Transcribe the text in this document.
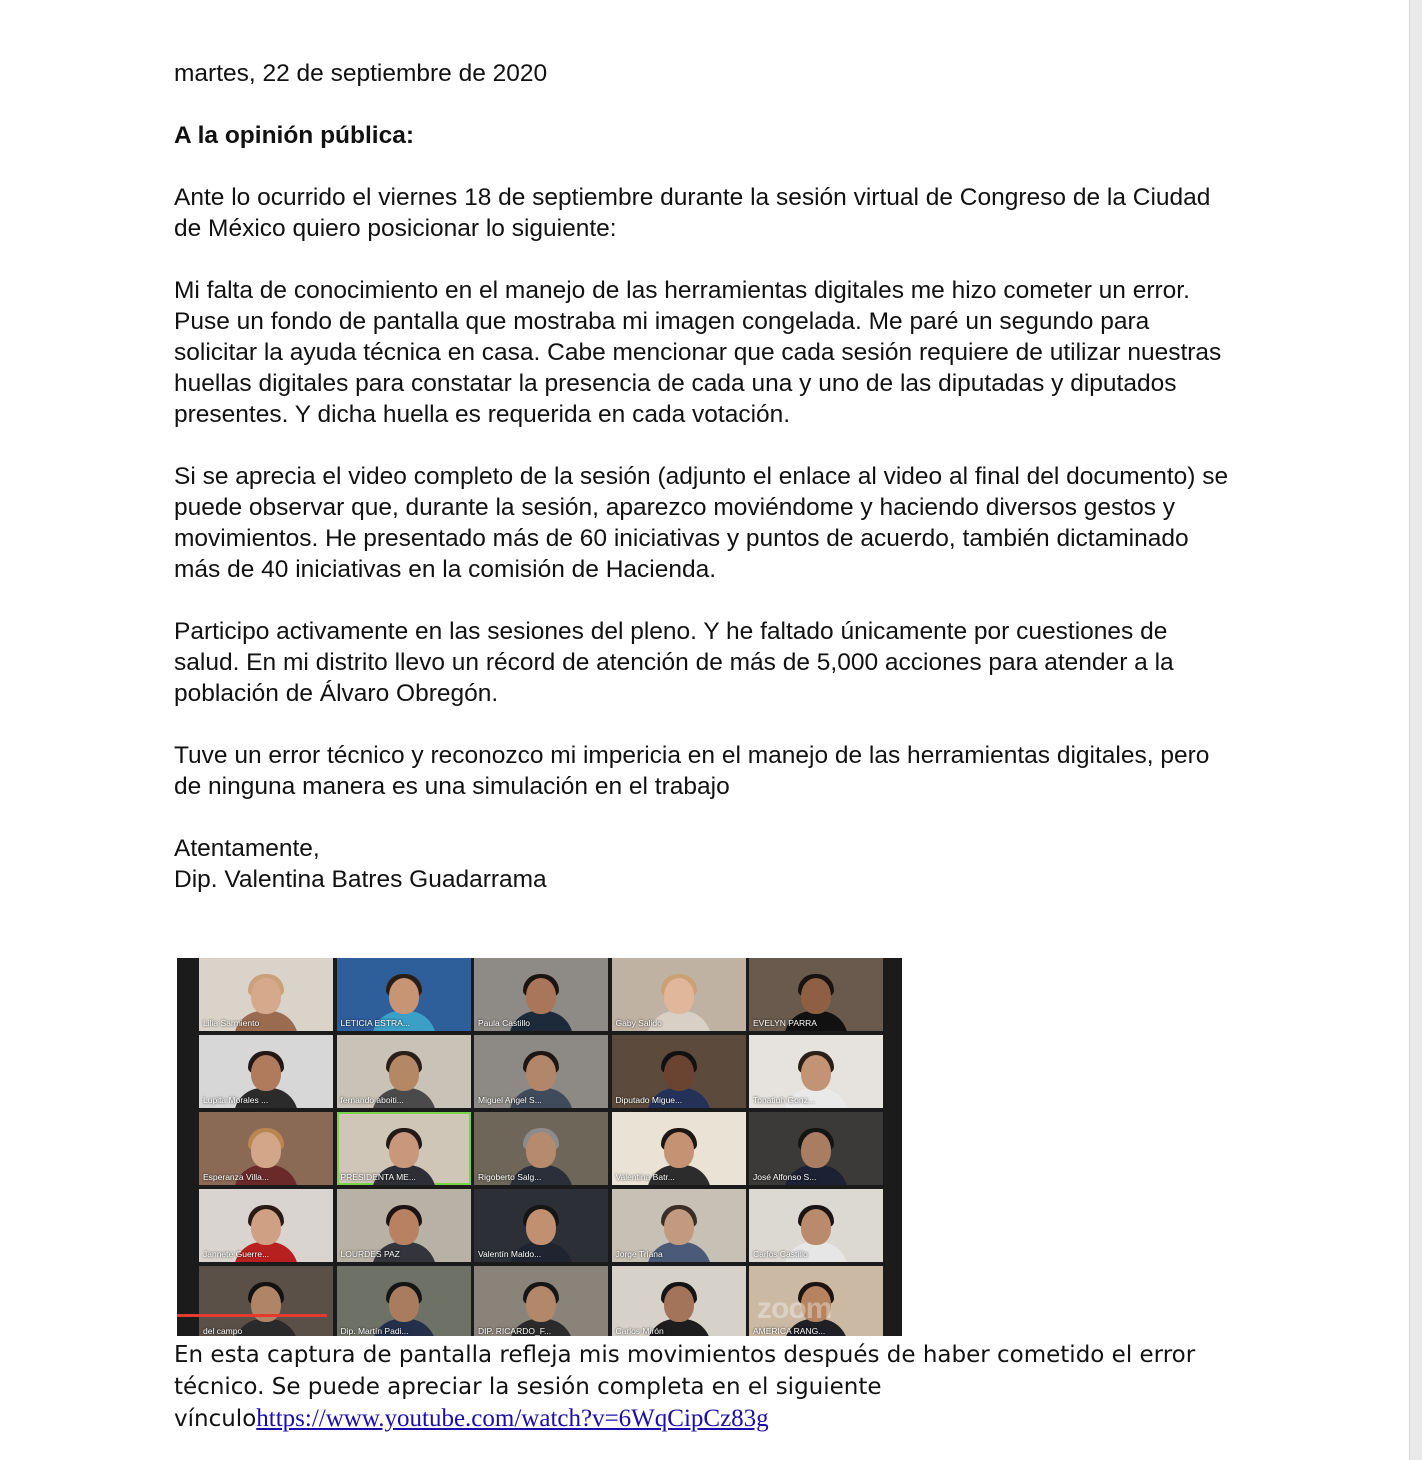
martes, 22 de septiembre de 2020

A la opinión pública:

Ante lo ocurrido el viernes 18 de septiembre durante la sesión virtual de Congreso de la Ciudad de México quiero posicionar lo siguiente:

Mi falta de conocimiento en el manejo de las herramientas digitales me hizo cometer un error. Puse un fondo de pantalla que mostraba mi imagen congelada. Me paré un segundo para solicitar la ayuda técnica en casa. Cabe mencionar que cada sesión requiere de utilizar nuestras huellas digitales para constatar la presencia de cada una y uno de las diputadas y diputados presentes. Y dicha huella es requerida en cada votación.

Si se aprecia el video completo de la sesión (adjunto el enlace al video al final del documento) se puede observar que, durante la sesión, aparezco moviéndome y haciendo diversos gestos y movimientos. He presentado más de 60 iniciativas y puntos de acuerdo, también dictaminado más de 40 iniciativas en la comisión de Hacienda.

Participo activamente en las sesiones del pleno. Y he faltado únicamente por cuestiones de salud. En mi distrito llevo un récord de atención de más de 5,000 acciones para atender a la población de Álvaro Obregón.

Tuve un error técnico y reconozco mi impericia en el manejo de las herramientas digitales, pero de ninguna manera es una simulación en el trabajo

Atentamente,

Dip. Valentina Batres Guadarrama

Lilia Sarmiento	LETICIA ESTRA...	Paula Castillo	Gaby Salido	EVELYN PARRA
Lupita Morales ...	fernando aboiti...	Miguel Angel S...	Diputado Migue...	Tonatiuh Gonz...
Esperanza Villa...	PRESIDENTA ME...	Rigoberto Salg...	Valentina Batr...	José Alfonso S...
Jannete Guerre...	LOURDES PAZ	Valentín Maldo...	Jorge Triana	Carlos Castillo
del campo	Dip. Martín Padi...	DIP. RICARDO_F...	Carlos Mirón	AMERICA RANG...
zoom

En esta captura de pantalla refleja mis movimientos después de haber cometido el error técnico. Se puede apreciar la sesión completa en el siguiente vínculohttps://www.youtube.com/watch?v=6WqCipCz83g
